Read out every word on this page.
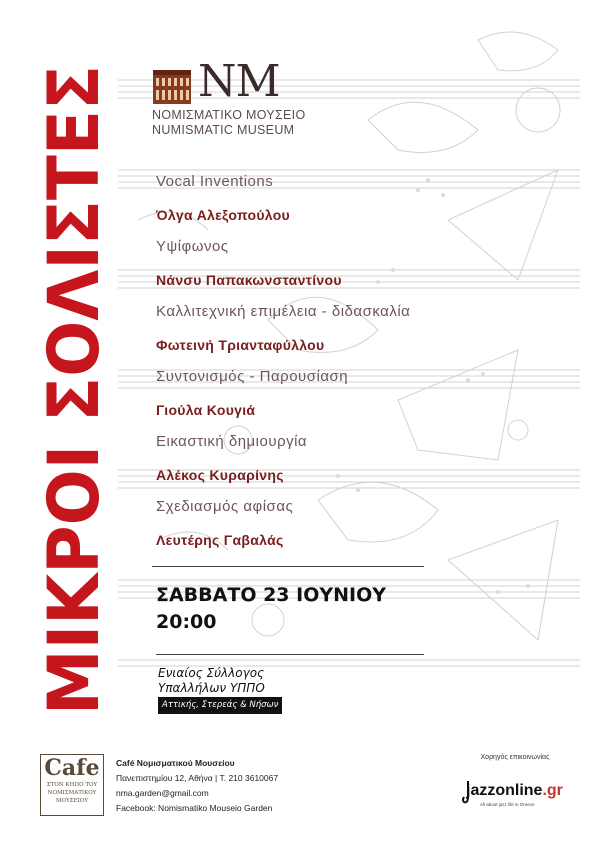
ΜΙΚΡΟΙ ΣΟΛΙΣΤΕΣ NM
ΝΟΜΙΣΜΑΤΙΚΟ ΜΟΥΣΕΙΟ
NUMISMATIC MUSEUM
Vocal Inventions
Όλγα Αλεξοπούλου
Υψίφωνος
Νάνσυ Παπακωνσταντίνου
Καλλιτεχνική επιμέλεια - διδασκαλία
Φωτεινή Τριανταφύλλου
Συντονισμός - Παρουσίαση
Γιούλα Κουγιά
Εικαστική δημιουργία
Αλέκος Κυραρίνης
Σχεδιασμός αφίσας
Λευτέρης Γαβαλάς
ΣΑΒΒΑΤΟ 23 ΙΟΥΝΙΟΥ
20:00
Ενιαίος Σύλλογος
Υπαλλήλων ΥΠΠΟ
Αττικής, Στερεάς & Νήσων
Cafe
ΣΤΟΝ ΚΗΠΟ ΤΟΥ
ΝΟΜΙΣΜΑΤΙΚΟΥ
ΜΟΥΣΕΙΟΥ
Café Νομισματικού Μουσείου
Πανεπιστημίου 12, Αθήνα | Τ. 210 3610067
nma.garden@gmail.com
Facebook: Nomismatiko Mouseio Garden
Χορηγός επικοινωνίας
jazzonline.gr
All about jazz life in Greece
